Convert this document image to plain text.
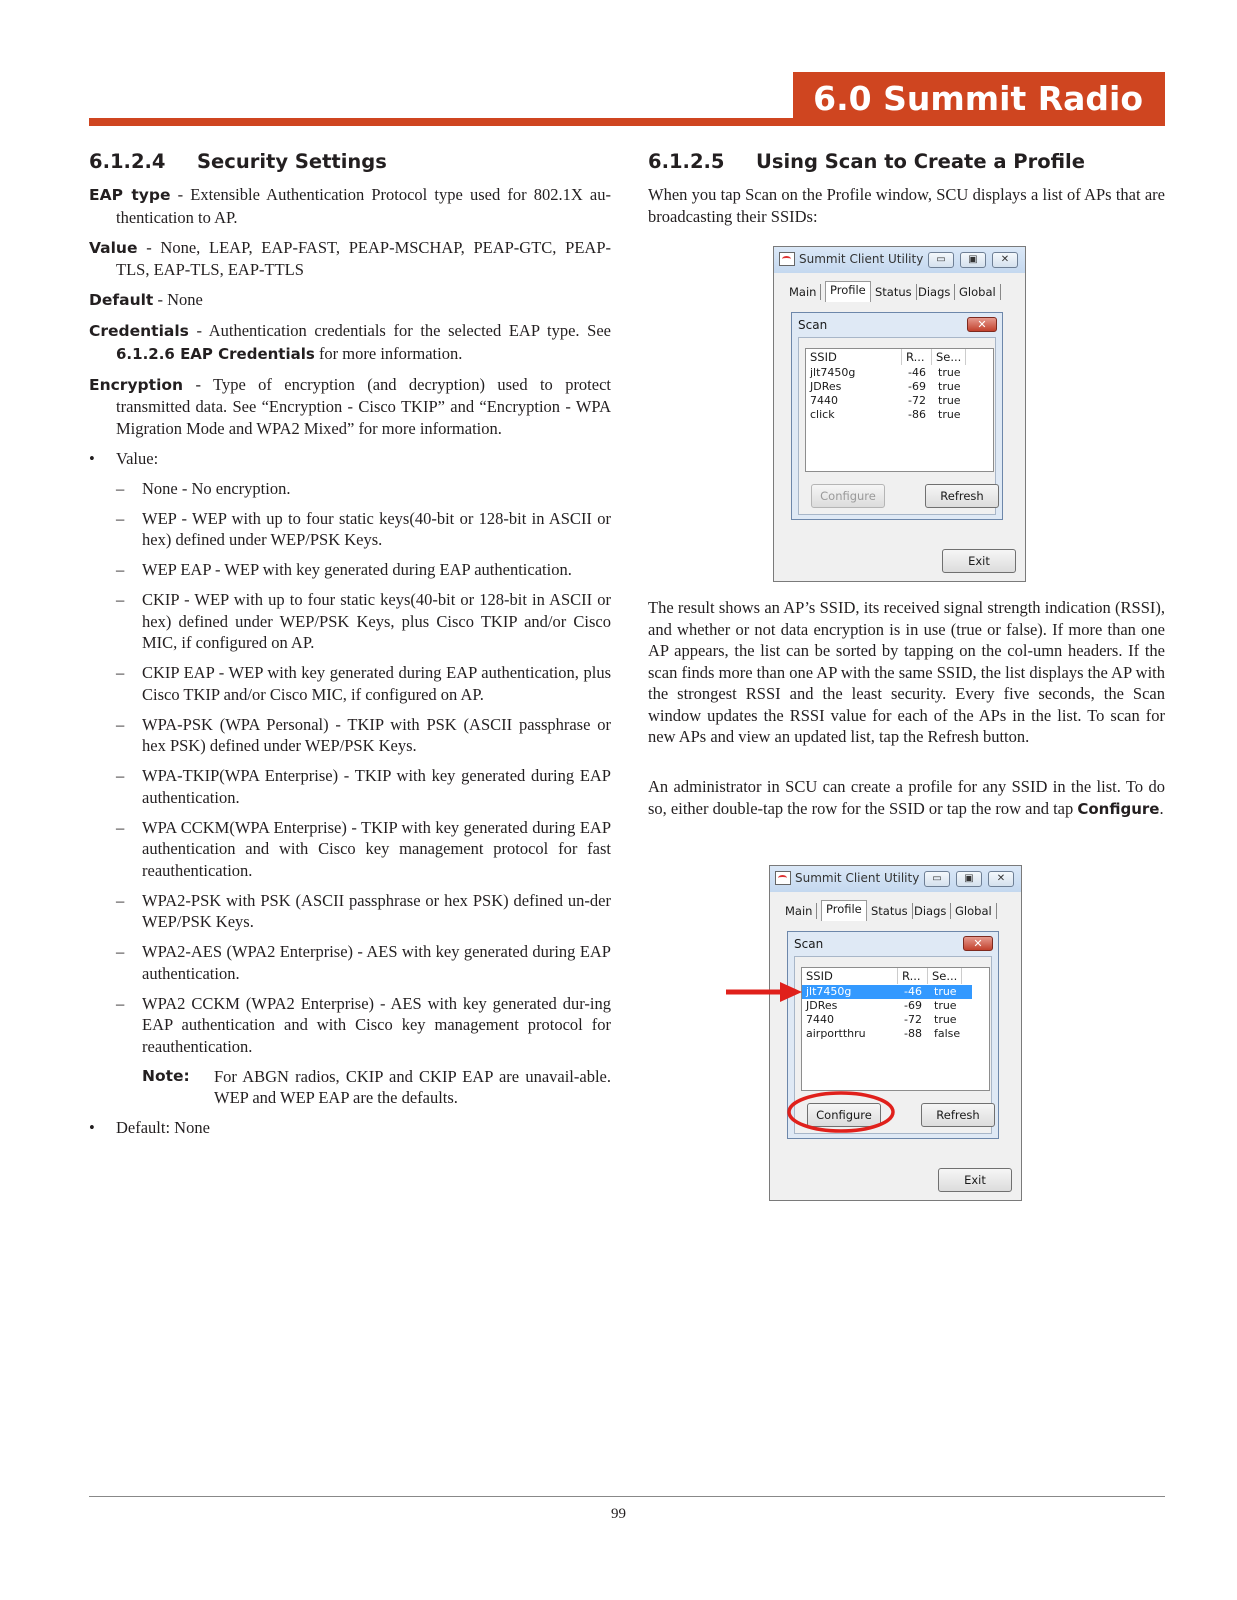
6.0 Summit Radio
6.1.2.4 Security Settings

EAP type - Extensible Authentication Protocol type used for 802.1X au-thentication to AP.

Value - None, LEAP, EAP-FAST, PEAP-MSCHAP, PEAP-GTC, PEAP-TLS, EAP-TLS, EAP-TTLS

Default - None

Credentials - Authentication credentials for the selected EAP type. See 6.1.2.6 EAP Credentials for more information.

Encryption - Type of encryption (and decryption) used to protect transmitted data. See “Encryption - Cisco TKIP” and “Encryption - WPA Migration Mode and WPA2 Mixed” for more information.

• Value:

– None - No encryption.

– WEP - WEP with up to four static keys(40-bit or 128-bit in ASCII or hex) defined under WEP/PSK Keys.

– WEP EAP - WEP with key generated during EAP authentication.

– CKIP - WEP with up to four static keys(40-bit or 128-bit in ASCII or hex) defined under WEP/PSK Keys, plus Cisco TKIP and/or Cisco MIC, if configured on AP.

– CKIP EAP - WEP with key generated during EAP authentication, plus Cisco TKIP and/or Cisco MIC, if configured on AP.

– WPA-PSK (WPA Personal) - TKIP with PSK (ASCII passphrase or hex PSK) defined under WEP/PSK Keys.

– WPA-TKIP(WPA Enterprise) - TKIP with key generated during EAP authentication.

– WPA CCKM(WPA Enterprise) - TKIP with key generated during EAP authentication and with Cisco key management protocol for fast reauthentication.

– WPA2-PSK with PSK (ASCII passphrase or hex PSK) defined un-der WEP/PSK Keys.

– WPA2-AES (WPA2 Enterprise) - AES with key generated during EAP authentication.

– WPA2 CCKM (WPA2 Enterprise) - AES with key generated dur-ing EAP authentication and with Cisco key management protocol for reauthentication.

Note: For ABGN radios, CKIP and CKIP EAP are unavail-able. WEP and WEP EAP are the defaults.

• Default: None

6.1.2.5 Using Scan to Create a Profile

When you tap Scan on the Profile window, SCU displays a list of APs that are broadcasting their SSIDs:

The result shows an AP’s SSID, its received signal strength indication (RSSI), and whether or not data encryption is in use (true or false). If more than one AP appears, the list can be sorted by tapping on the col-umn headers. If the scan finds more than one AP with the same SSID, the list displays the AP with the strongest RSSI and the least security. Every five seconds, the Scan window updates the RSSI value for each of the APs in the list. To scan for new APs and view an updated list, tap the Refresh button.

An administrator in SCU can create a profile for any SSID in the list. To do so, either double-tap the row for the SSID or tap the row and tap Configure.

Summit Client Utility	▭	▣	✕
Main	Profile Status Diags Global
Scan	✕
SSID	R... Se...
jlt7450g	-46 true
JDRes	-69 true
7440	-72 true
click	-86 true
Configure	Refresh
Exit
Summit Client Utility	▭	▣	✕
Main	Profile Status Diags Global
Scan	✕
SSID	R... Se...
jlt7450g	-46 true
JDRes	-69 true
7440	-72 true
airportthru	-88 false
Configure	Refresh
Exit
99
